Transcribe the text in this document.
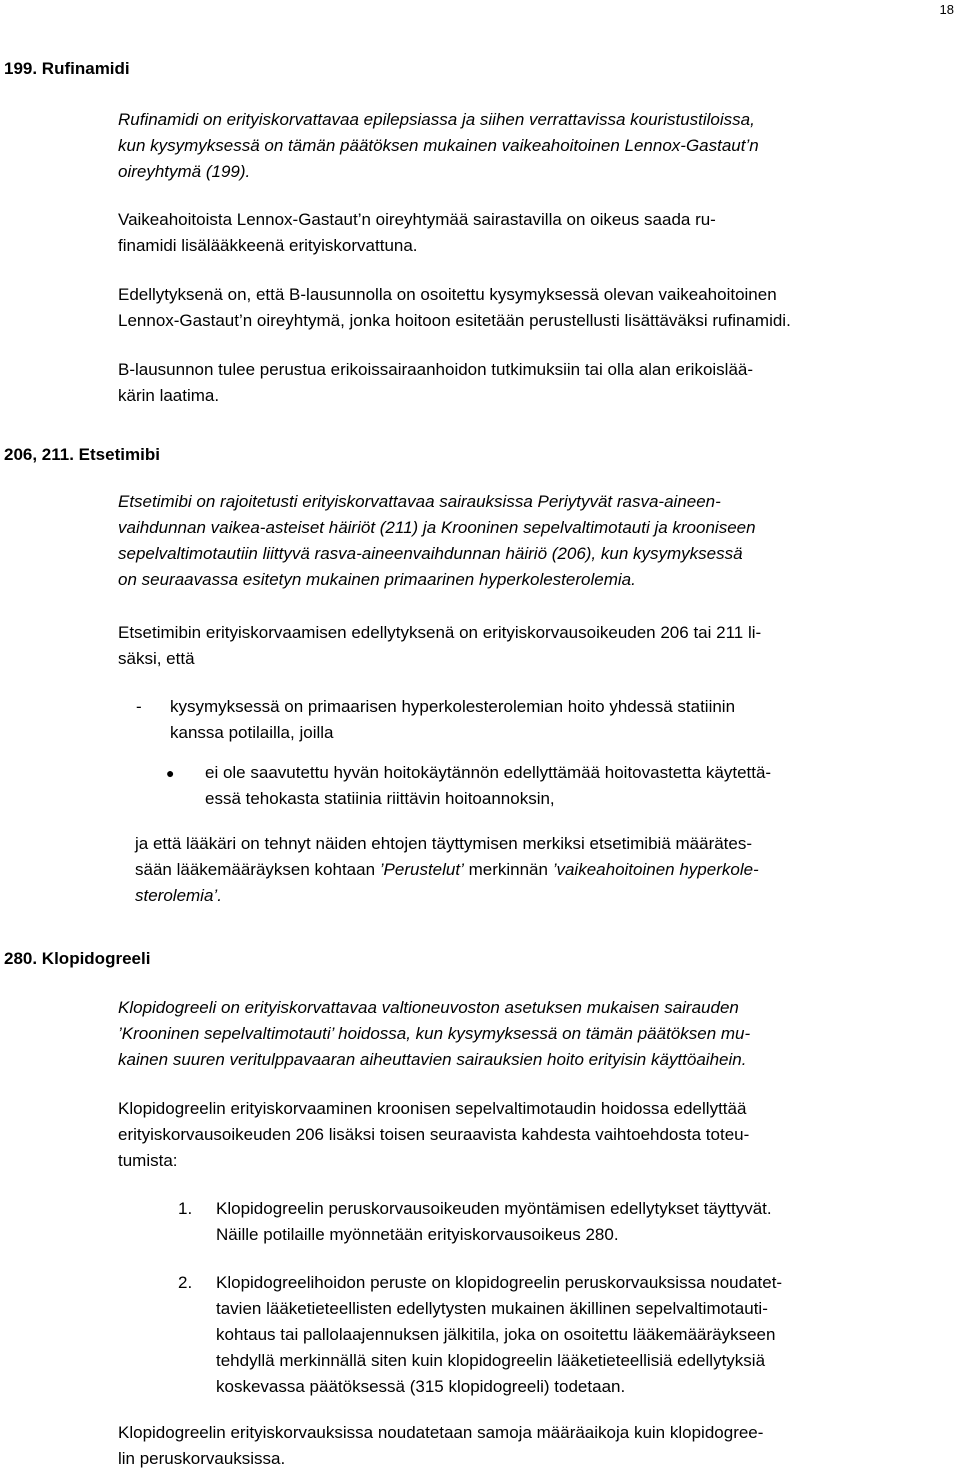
18
199. Rufinamidi

Rufinamidi on erityiskorvattavaa epilepsiassa ja siihen verrattavissa kouristustiloissa,

kun kysymyksessä on tämän päätöksen mukainen vaikeahoitoinen Lennox-Gastaut’n

oireyhtymä (199).

Vaikeahoitoista Lennox-Gastaut’n oireyhtymää sairastavilla on oikeus saada ru-

finamidi lisälääkkeenä erityiskorvattuna.

Edellytyksenä on, että B-lausunnolla on osoitettu kysymyksessä olevan vaikeahoitoinen

Lennox-Gastaut’n oireyhtymä, jonka hoitoon esitetään perustellusti lisättäväksi rufinamidi.

B-lausunnon tulee perustua erikoissairaanhoidon tutkimuksiin tai olla alan erikoislää-

kärin laatima.

206, 211. Etsetimibi

Etsetimibi on rajoitetusti erityiskorvattavaa sairauksissa Periytyvät rasva-aineen-

vaihdunnan vaikea-asteiset häiriöt (211) ja Krooninen sepelvaltimotauti ja krooniseen

sepelvaltimotautiin liittyvä rasva-aineenvaihdunnan häiriö (206), kun kysymyksessä

on seuraavassa esitetyn mukainen primaarinen hyperkolesterolemia.

Etsetimibin erityiskorvaamisen edellytyksenä on erityiskorvausoikeuden 206 tai 211 li-

säksi, että

- kysymyksessä on primaarisen hyperkolesterolemian hoito yhdessä statiinin
kanssa potilailla, joilla
● ei ole saavutettu hyvän hoitokäytännön edellyttämää hoitovastetta käytettä-
essä tehokasta statiinia riittävin hoitoannoksin,

ja että lääkäri on tehnyt näiden ehtojen täyttymisen merkiksi etsetimibiä määrätes-

sään lääkemääräyksen kohtaan ’Perustelut’ merkinnän ’vaikeahoitoinen hyperkole-

sterolemia’.

280. Klopidogreeli

Klopidogreeli on erityiskorvattavaa valtioneuvoston asetuksen mukaisen sairauden

’Krooninen sepelvaltimotauti’ hoidossa, kun kysymyksessä on tämän päätöksen mu-

kainen suuren veritulppavaaran aiheuttavien sairauksien hoito erityisin käyttöaihein.

Klopidogreelin erityiskorvaaminen kroonisen sepelvaltimotaudin hoidossa edellyttää

erityiskorvausoikeuden 206 lisäksi toisen seuraavista kahdesta vaihtoehdosta toteu-

tumista:

1. Klopidogreelin peruskorvausoikeuden myöntämisen edellytykset täyttyvät.
Näille potilaille myönnetään erityiskorvausoikeus 280.
2. Klopidogreelihoidon peruste on klopidogreelin peruskorvauksissa noudatet-
tavien lääketieteellisten edellytysten mukainen äkillinen sepelvaltimotauti-
kohtaus tai pallolaajennuksen jälkitila, joka on osoitettu lääkemääräykseen
tehdyllä merkinnällä siten kuin klopidogreelin lääketieteellisiä edellytyksiä
koskevassa päätöksessä (315 klopidogreeli) todetaan.

Klopidogreelin erityiskorvauksissa noudatetaan samoja määräaikoja kuin klopidogree-

lin peruskorvauksissa.
